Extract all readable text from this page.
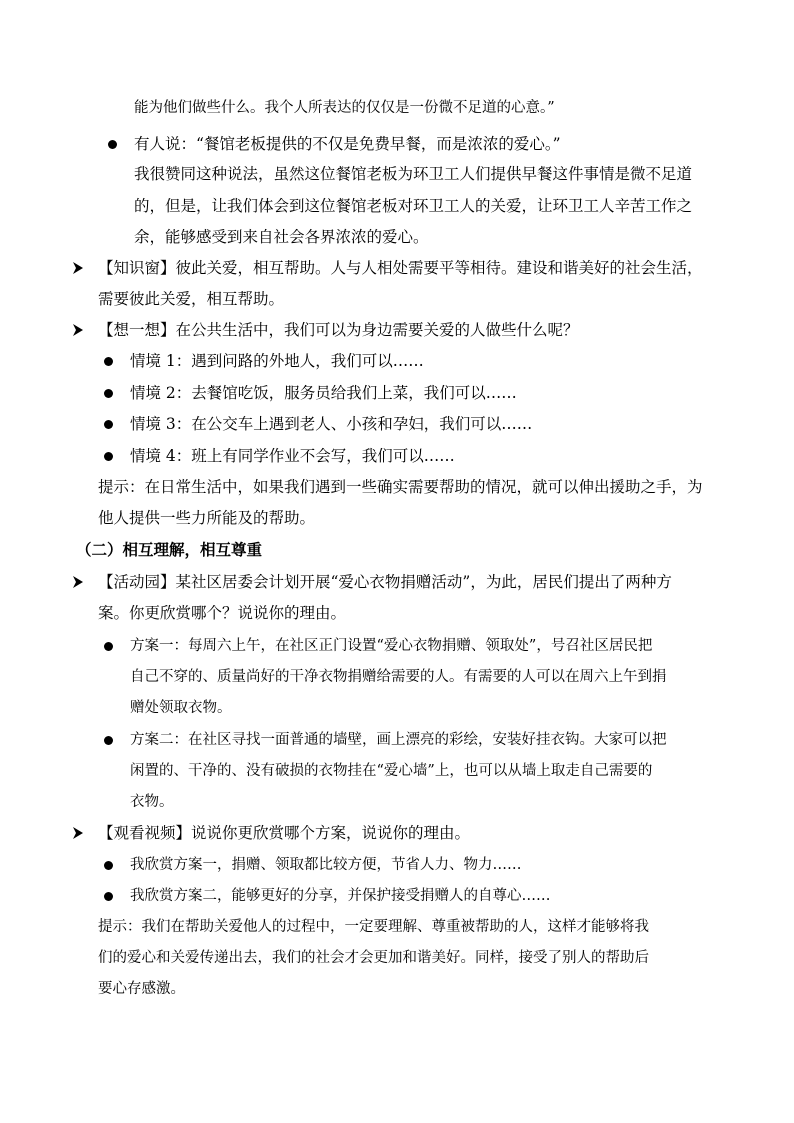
能为他们做些什么。我个人所表达的仅仅是一份微不足道的心意。”
有人说：“餐馆老板提供的不仅是免费早餐，而是浓浓的爱心。”
我很赞同这种说法，虽然这位餐馆老板为环卫工人们提供早餐这件事情是微不足道
的，但是，让我们体会到这位餐馆老板对环卫工人的关爱，让环卫工人辛苦工作之
余，能够感受到来自社会各界浓浓的爱心。
【知识窗】彼此关爱，相互帮助。人与人相处需要平等相待。建设和谐美好的社会生活，
需要彼此关爱，相互帮助。
【想一想】在公共生活中，我们可以为身边需要关爱的人做些什么呢？
情境 1：遇到问路的外地人，我们可以……
情境 2：去餐馆吃饭，服务员给我们上菜，我们可以……
情境 3：在公交车上遇到老人、小孩和孕妇，我们可以……
情境 4：班上有同学作业不会写，我们可以……
提示：在日常生活中，如果我们遇到一些确实需要帮助的情况，就可以伸出援助之手，为
他人提供一些力所能及的帮助。
（二）相互理解，相互尊重
【活动园】某社区居委会计划开展“爱心衣物捐赠活动”，为此，居民们提出了两种方
案。你更欣赏哪个？说说你的理由。
方案一：每周六上午，在社区正门设置“爱心衣物捐赠、领取处”，号召社区居民把
自己不穿的、质量尚好的干净衣物捐赠给需要的人。有需要的人可以在周六上午到捐
赠处领取衣物。
方案二：在社区寻找一面普通的墙壁，画上漂亮的彩绘，安装好挂衣钩。大家可以把
闲置的、干净的、没有破损的衣物挂在“爱心墙”上，也可以从墙上取走自己需要的
衣物。
【观看视频】说说你更欣赏哪个方案，说说你的理由。
我欣赏方案一，捐赠、领取都比较方便，节省人力、物力……
我欣赏方案二，能够更好的分享，并保护接受捐赠人的自尊心……
提示：我们在帮助关爱他人的过程中，一定要理解、尊重被帮助的人，这样才能够将我
们的爱心和关爱传递出去，我们的社会才会更加和谐美好。同样，接受了别人的帮助后
要心存感激。
